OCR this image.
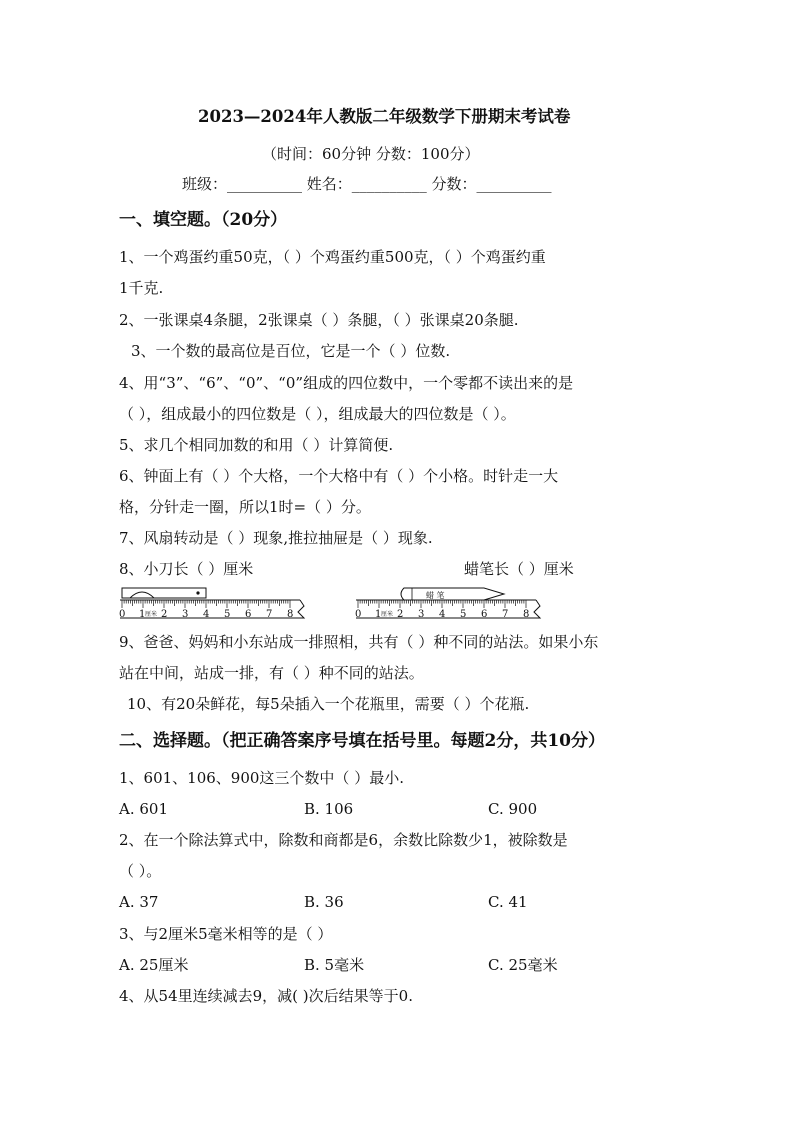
2023—2024年人教版二年级数学下册期末考试卷
（时间：60分钟 分数：100分）
班级：__________ 姓名：__________ 分数：__________
一、填空题。（20分）
1、一个鸡蛋约重50克，（ ）个鸡蛋约重500克，（ ）个鸡蛋约重
1千克.
2、一张课桌4条腿，2张课桌（ ）条腿，（ ）张课桌20条腿.
3、一个数的最高位是百位，它是一个（ ）位数.
4、用“3”、“6”、“0”、“0”组成的四位数中，一个零都不读出来的是
（ ），组成最小的四位数是（ ），组成最大的四位数是（ ）。
5、求几个相同加数的和用（ ）计算简便.
6、钟面上有（ ）个大格，一个大格中有（ ）个小格。时针走一大
格，分针走一圈，所以1时=（ ）分。
7、风扇转动是（ ）现象,推拉抽屉是（ ）现象.
8、小刀长（ ）厘米	蜡笔长（ ）厘米
0 1 厘米 2 3 4 5 6 7 8
蜡 笔
0 1 厘米 2 3 4 5 6 7 8
9、爸爸、妈妈和小东站成一排照相，共有（ ）种不同的站法。如果小东
站在中间，站成一排，有（ ）种不同的站法。
10、有20朵鲜花，每5朵插入一个花瓶里，需要（ ）个花瓶.
二、选择题。（把正确答案序号填在括号里。每题2分，共10分）
1、601、106、900这三个数中（ ）最小.
A. 601	B. 106	C. 900
2、在一个除法算式中，除数和商都是6，余数比除数少1，被除数是
（ ）。
A. 37	B. 36	C. 41
3、与2厘米5毫米相等的是（ ）
A. 25厘米	B. 5毫米	C. 25毫米
4、从54里连续减去9，减( )次后结果等于0.
